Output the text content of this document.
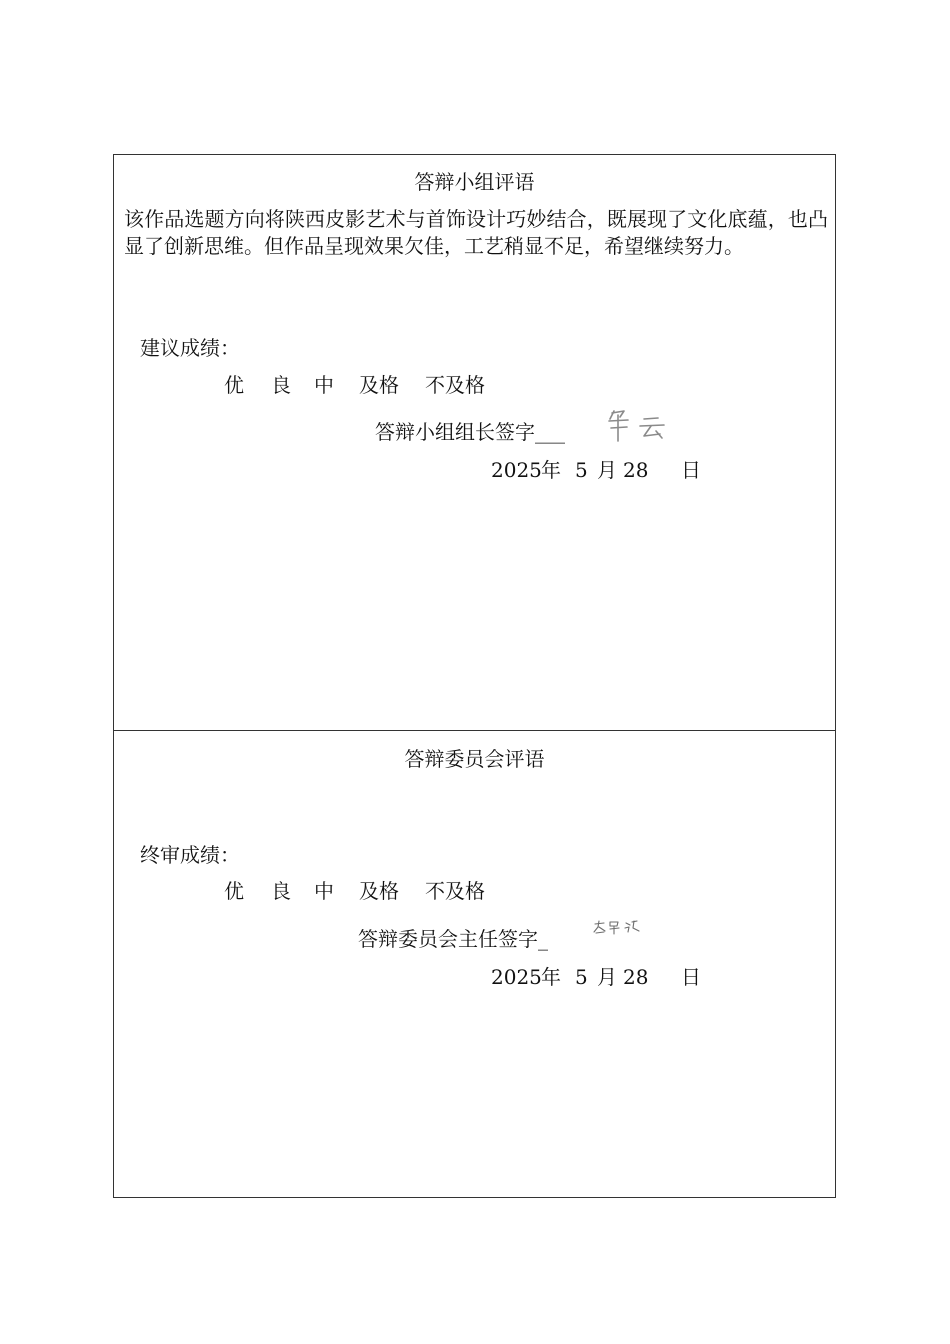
答辩小组评语
该作品选题方向将陕西皮影艺术与首饰设计巧妙结合，既展现了文化底蕴，也凸显了创新思维。但作品呈现效果欠佳，工艺稍显不足，希望继续努力。
建议成绩：
优 良 中 及格 不及格
答辩小组组长签字___
2025 年 5 月 28 日
答辩委员会评语
终审成绩：
优 良 中 及格 不及格
答辩委员会主任签字_
2025 年 5 月 28 日
